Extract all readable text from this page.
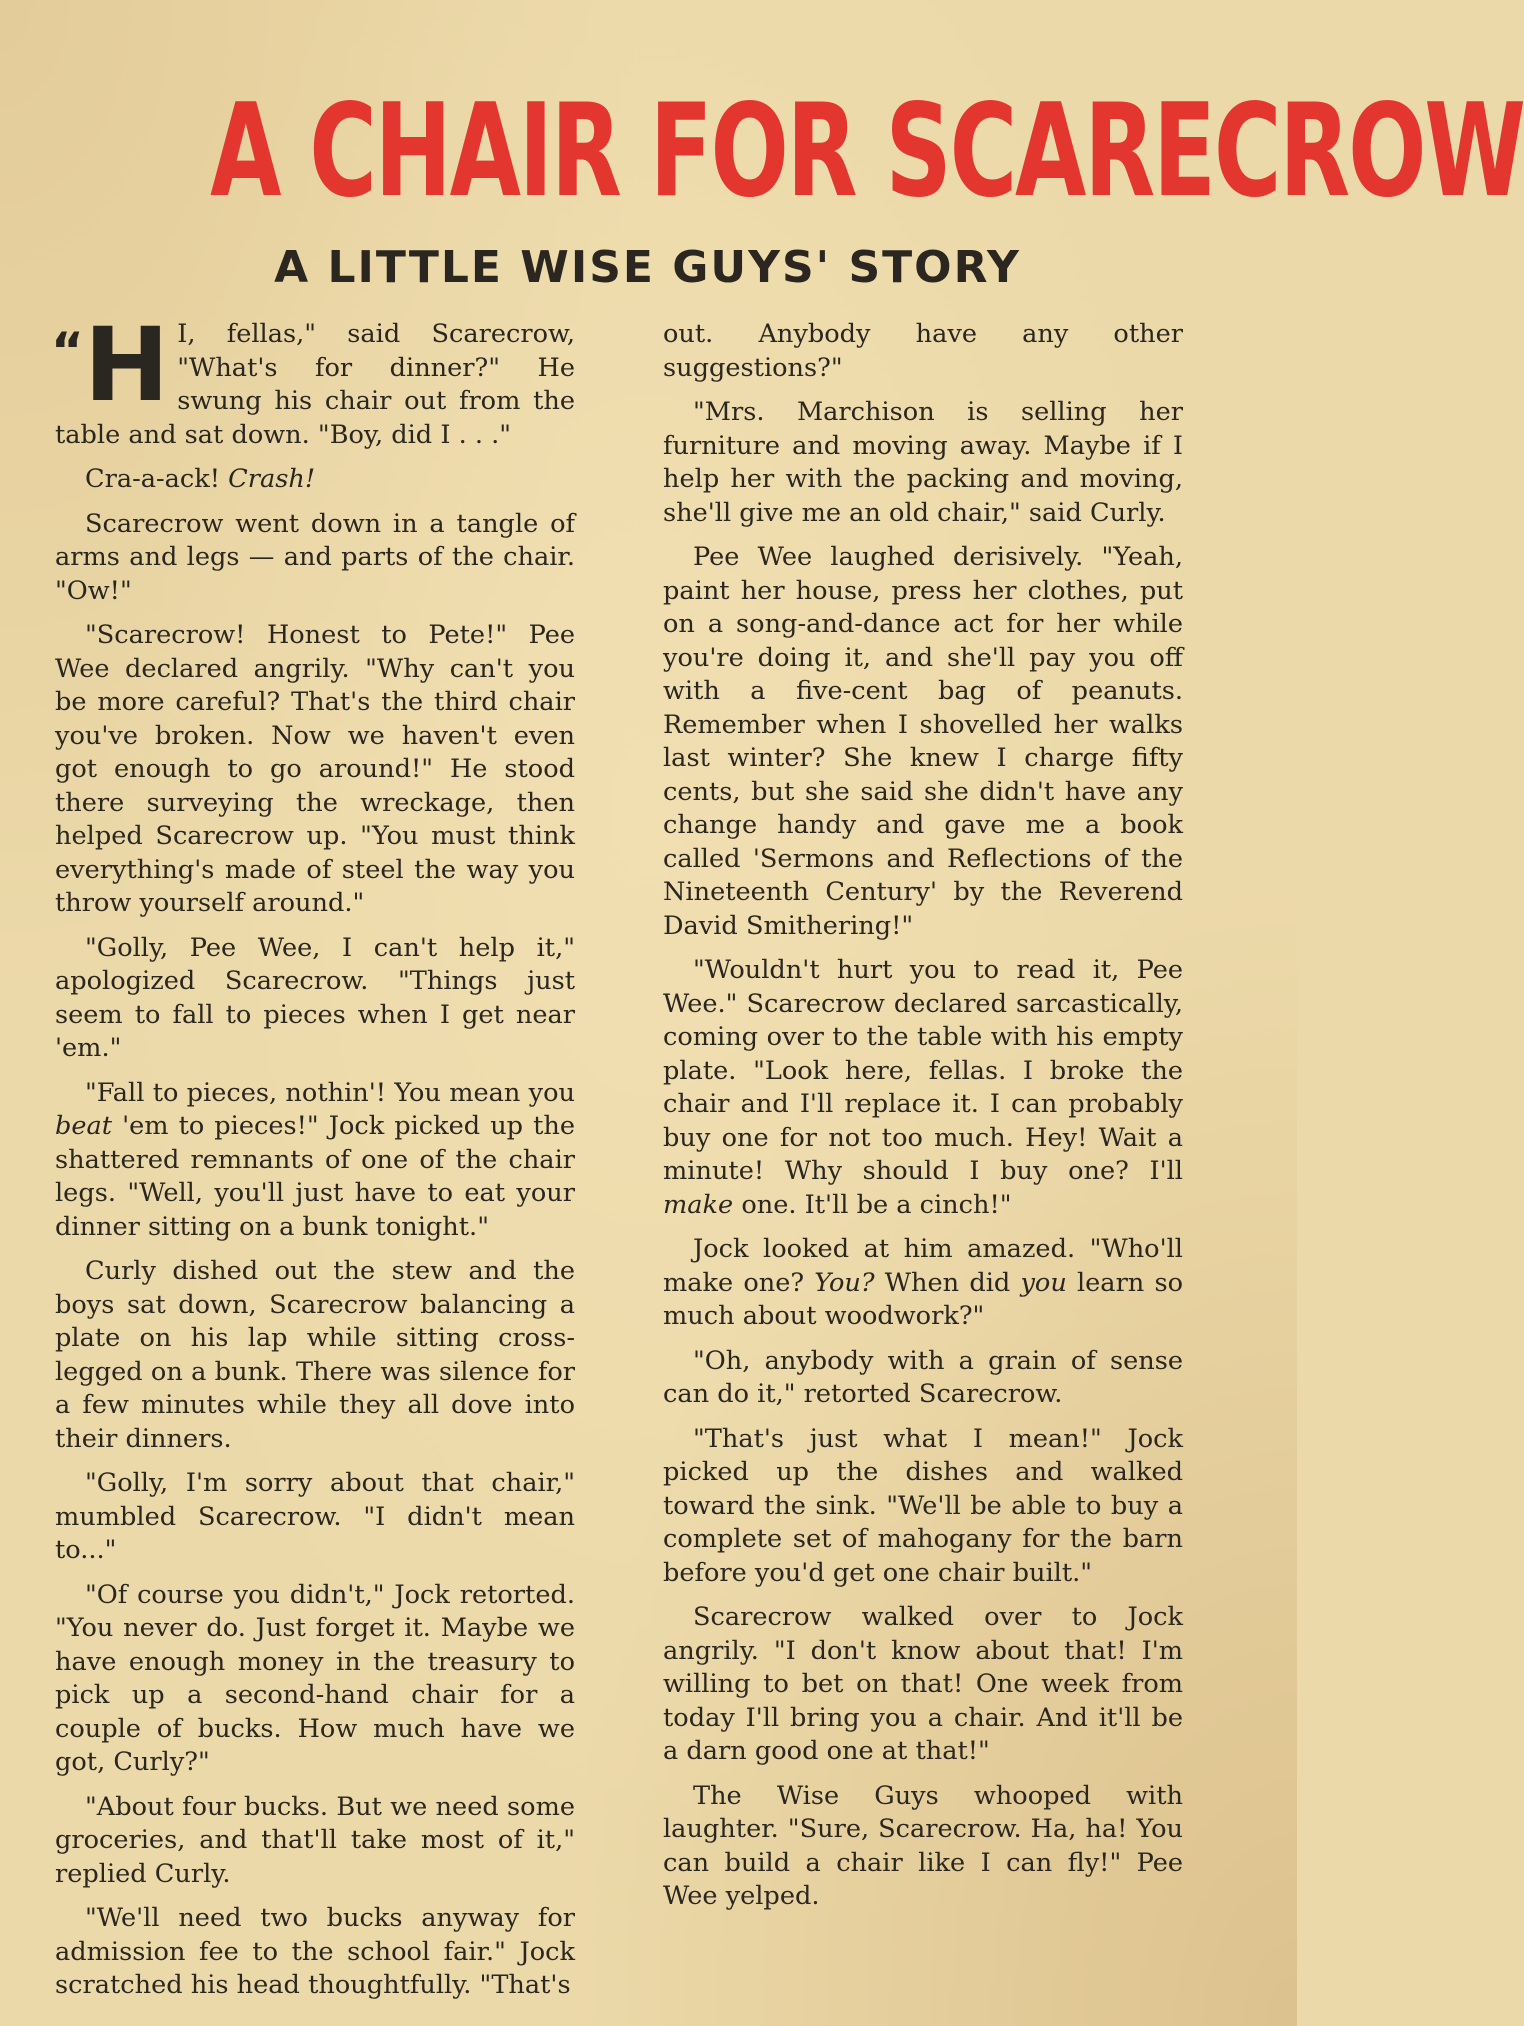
A CHAIR FOR SCARECROW
A LITTLE WISE GUYS' STORY

“H I, fellas," said Scarecrow, "What's for dinner?" He swung his chair out from the table and sat down. "Boy, did I . . ."

Cra-a-ack! Crash!

Scarecrow went down in a tangle of arms and legs — and parts of the chair. "Ow!"

"Scarecrow! Honest to Pete!" Pee Wee declared angrily. "Why can't you be more careful? That's the third chair you've broken. Now we haven't even got enough to go around!" He stood there surveying the wreckage, then helped Scarecrow up. "You must think everything's made of steel the way you throw yourself around."

"Golly, Pee Wee, I can't help it," apologized Scarecrow. "Things just seem to fall to pieces when I get near 'em."

"Fall to pieces, nothin'! You mean you beat 'em to pieces!" Jock picked up the shattered remnants of one of the chair legs. "Well, you'll just have to eat your dinner sitting on a bunk tonight."

Curly dished out the stew and the boys sat down, Scarecrow balancing a plate on his lap while sitting cross-legged on a bunk. There was silence for a few minutes while they all dove into their dinners.

"Golly, I'm sorry about that chair," mumbled Scarecrow. "I didn't mean to..."

"Of course you didn't," Jock retorted. "You never do. Just forget it. Maybe we have enough money in the treasury to pick up a second-hand chair for a couple of bucks. How much have we got, Curly?"

"About four bucks. But we need some groceries, and that'll take most of it," replied Curly.

"We'll need two bucks anyway for admission fee to the school fair." Jock scratched his head thoughtfully. "That's

out. Anybody have any other suggestions?"

"Mrs. Marchison is selling her furniture and moving away. Maybe if I help her with the packing and moving, she'll give me an old chair," said Curly.

Pee Wee laughed derisively. "Yeah, paint her house, press her clothes, put on a song-and-dance act for her while you're doing it, and she'll pay you off with a five-cent bag of peanuts. Remember when I shovelled her walks last winter? She knew I charge fifty cents, but she said she didn't have any change handy and gave me a book called 'Sermons and Reflections of the Nineteenth Century' by the Reverend David Smithering!"

"Wouldn't hurt you to read it, Pee Wee." Scarecrow declared sarcastically, coming over to the table with his empty plate. "Look here, fellas. I broke the chair and I'll replace it. I can probably buy one for not too much. Hey! Wait a minute! Why should I buy one? I'll make one. It'll be a cinch!"

Jock looked at him amazed. "Who'll make one? You? When did you learn so much about woodwork?"

"Oh, anybody with a grain of sense can do it," retorted Scarecrow.

"That's just what I mean!" Jock picked up the dishes and walked toward the sink. "We'll be able to buy a complete set of mahogany for the barn before you'd get one chair built."

Scarecrow walked over to Jock angrily. "I don't know about that! I'm willing to bet on that! One week from today I'll bring you a chair. And it'll be a darn good one at that!"

The Wise Guys whooped with laughter. "Sure, Scarecrow. Ha, ha! You can build a chair like I can fly!" Pee Wee yelped.
